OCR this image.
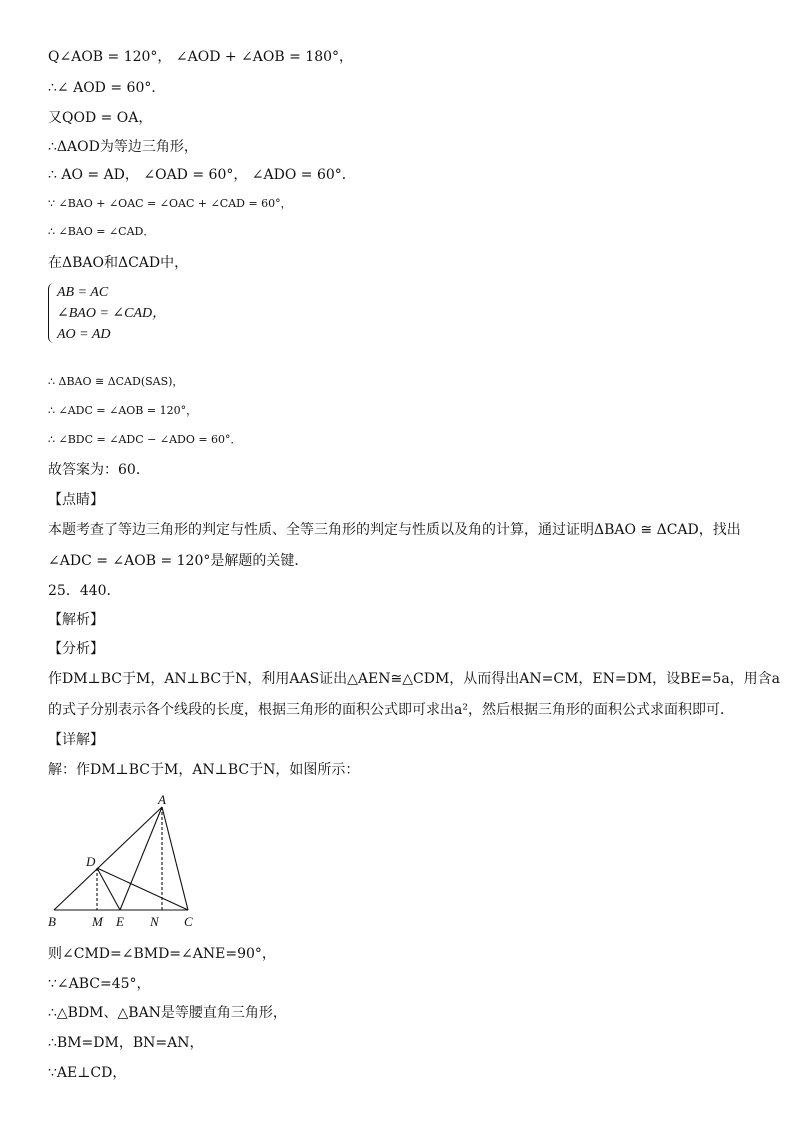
Q∠AOB = 120°， ∠AOD + ∠AOB = 180°，
∴∠ AOD = 60°．
又QOD = OA，
∴ΔAOD为等边三角形，
∴ AO = AD， ∠OAD = 60°， ∠ADO = 60°．
∵ ∠BAO + ∠OAC = ∠OAC + ∠CAD = 60°，
∴ ∠BAO = ∠CAD．
在ΔBAO和ΔCAD中，
AB = AC
∠BAO = ∠CAD，
AO = AD
∴ ΔBAO ≅ ΔCAD(SAS)，
∴ ∠ADC = ∠AOB = 120°，
∴ ∠BDC = ∠ADC − ∠ADO = 60°．
故答案为：60．
【点睛】
本题考查了等边三角形的判定与性质、全等三角形的判定与性质以及角的计算，通过证明ΔBAO ≅ ΔCAD，找出
∠ADC = ∠AOB = 120°是解题的关键．
25．440．
【解析】
【分析】
作DM⊥BC于M，AN⊥BC于N，利用AAS证出△AEN≅△CDM，从而得出AN=CM，EN=DM，设BE=5a，用含a
的式子分别表示各个线段的长度，根据三角形的面积公式即可求出a²，然后根据三角形的面积公式求面积即可．
【详解】
解：作DM⊥BC于M，AN⊥BC于N，如图所示：
A
D
B	M E N C
则∠CMD=∠BMD=∠ANE=90°，
∵∠ABC=45°，
∴△BDM、△BAN是等腰直角三角形，
∴BM=DM，BN=AN，
∵AE⊥CD，
